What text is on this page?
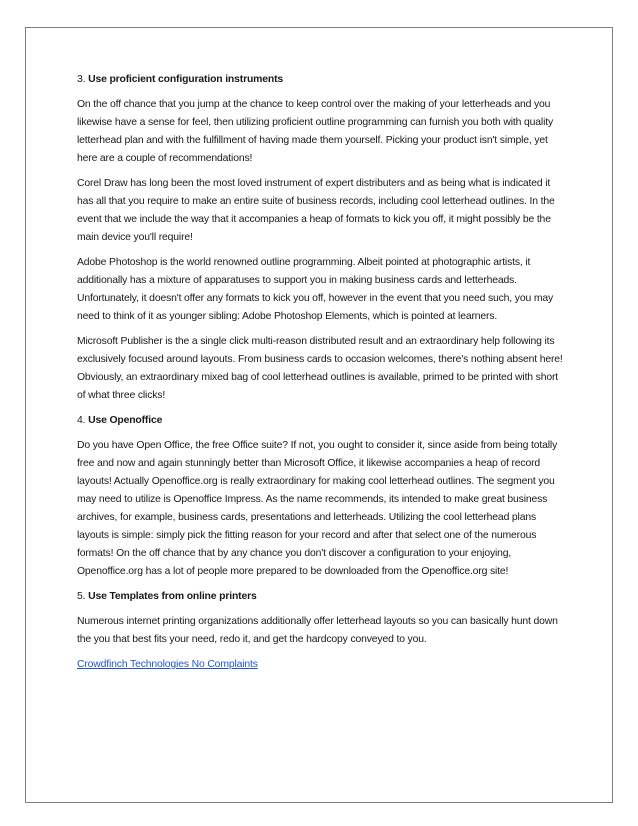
3. Use proficient configuration instruments

On the off chance that you jump at the chance to keep control over the making of your letterheads and you likewise have a sense for feel, then utilizing proficient outline programming can furnish you both with quality letterhead plan and with the fulfillment of having made them yourself. Picking your product isn't simple, yet here are a couple of recommendations!

Corel Draw has long been the most loved instrument of expert distributers and as being what is indicated it has all that you require to make an entire suite of business records, including cool letterhead outlines. In the event that we include the way that it accompanies a heap of formats to kick you off, it might possibly be the main device you'll require!

Adobe Photoshop is the world renowned outline programming. Albeit pointed at photographic artists, it additionally has a mixture of apparatuses to support you in making business cards and letterheads. Unfortunately, it doesn't offer any formats to kick you off, however in the event that you need such, you may need to think of it as younger sibling: Adobe Photoshop Elements, which is pointed at learners.

Microsoft Publisher is the a single click multi-reason distributed result and an extraordinary help following its exclusively focused around layouts. From business cards to occasion welcomes, there's nothing absent here! Obviously, an extraordinary mixed bag of cool letterhead outlines is available, primed to be printed with short of what three clicks!

4. Use Openoffice

Do you have Open Office, the free Office suite? If not, you ought to consider it, since aside from being totally free and now and again stunningly better than Microsoft Office, it likewise accompanies a heap of record layouts! Actually Openoffice.org is really extraordinary for making cool letterhead outlines. The segment you may need to utilize is Openoffice Impress. As the name recommends, its intended to make great business archives, for example, business cards, presentations and letterheads. Utilizing the cool letterhead plans layouts is simple: simply pick the fitting reason for your record and after that select one of the numerous formats! On the off chance that by any chance you don't discover a configuration to your enjoying, Openoffice.org has a lot of people more prepared to be downloaded from the Openoffice.org site!

5. Use Templates from online printers

Numerous internet printing organizations additionally offer letterhead layouts so you can basically hunt down the you that best fits your need, redo it, and get the hardcopy conveyed to you.

Crowdfinch Technologies No Complaints
